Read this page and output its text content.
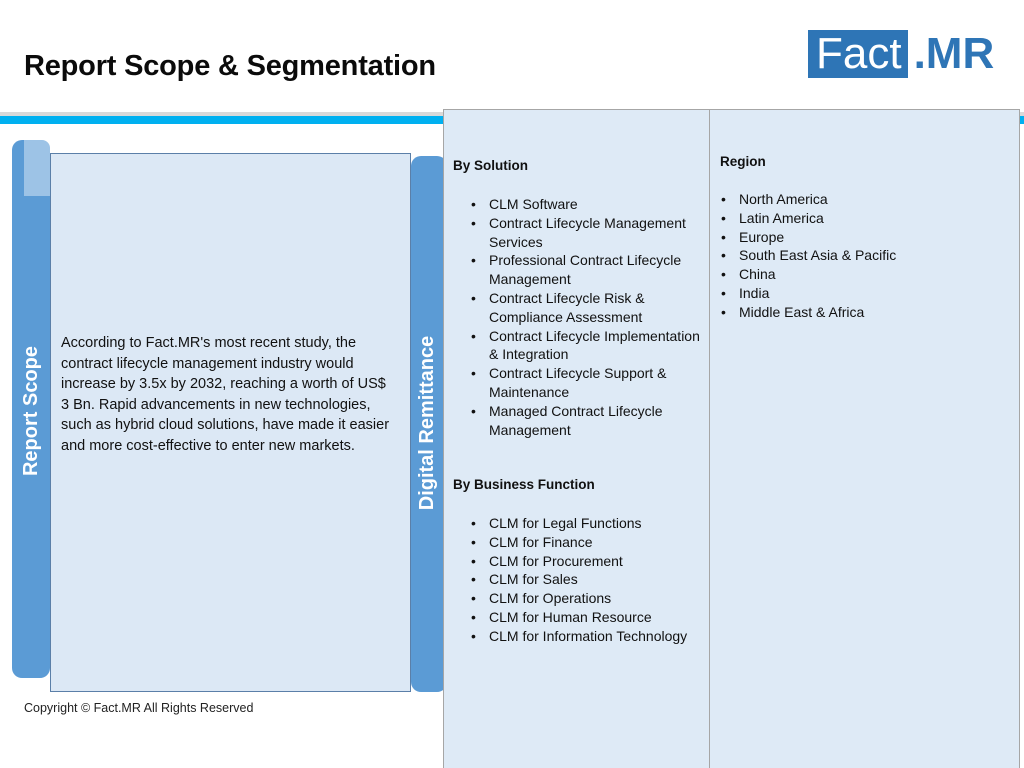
Report Scope & Segmentation	Fact .MR
Report Scope
According to Fact.MR's most recent study, the contract lifecycle management industry would increase by 3.5x by 2032, reaching a worth of US$ 3 Bn. Rapid advancements in new technologies, such as hybrid cloud solutions, have made it easier and more cost-effective to enter new markets.	Digital Remittance
By Solution
• CLM Software
• Contract Lifecycle Management Services
• Professional Contract Lifecycle Management
• Contract Lifecycle Risk & Compliance Assessment
• Contract Lifecycle Implementation & Integration
• Contract Lifecycle Support & Maintenance
• Managed Contract Lifecycle Management
By Business Function
• CLM for Legal Functions
• CLM for Finance
• CLM for Procurement
• CLM for Sales
• CLM for Operations
• CLM for Human Resource
• CLM for Information Technology
Region
• North America
• Latin America
• Europe
• South East Asia & Pacific
• China
• India
• Middle East & Africa
Copyright © Fact.MR All Rights Reserved
